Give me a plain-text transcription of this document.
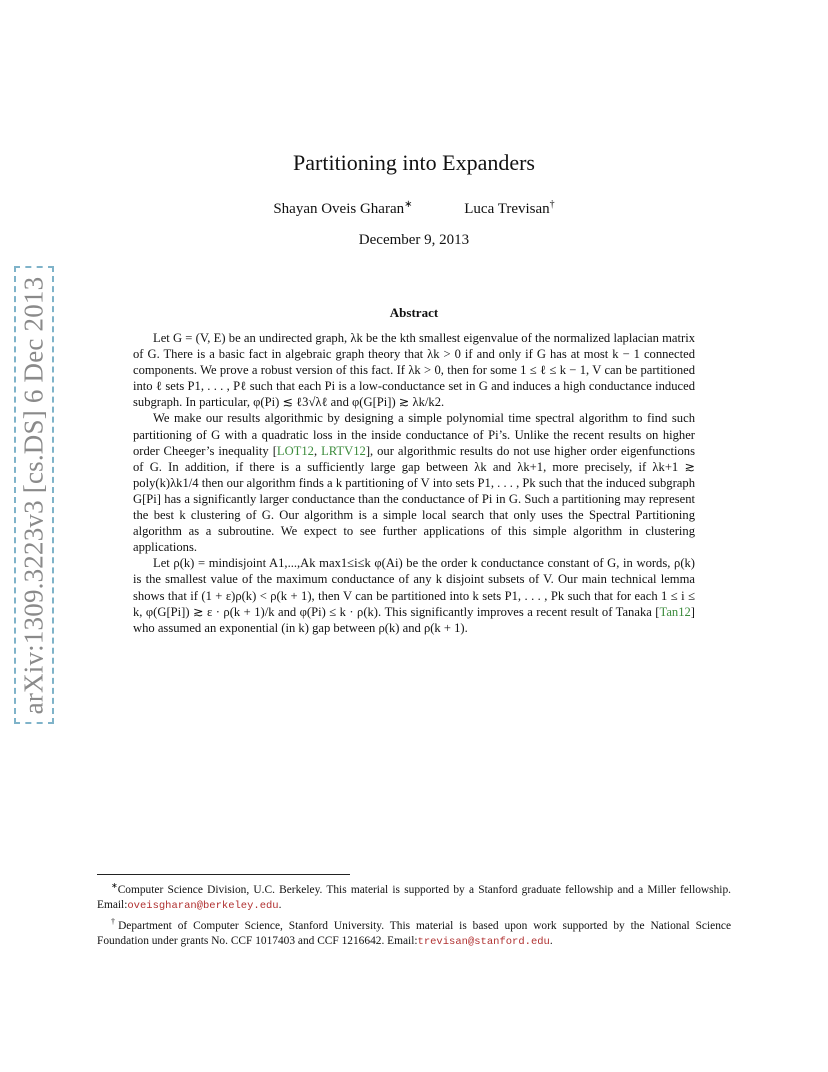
arXiv:1309.3223v3 [cs.DS] 6 Dec 2013
Partitioning into Expanders
Shayan Oveis Gharan∗	Luca Trevisan†
December 9, 2013
Abstract

Let G = (V, E) be an undirected graph, λk be the kth smallest eigenvalue of the normalized laplacian matrix of G. There is a basic fact in algebraic graph theory that λk > 0 if and only if G has at most k − 1 connected components. We prove a robust version of this fact. If λk > 0, then for some 1 ≤ ℓ ≤ k − 1, V can be partitioned into ℓ sets P1, . . . , Pℓ such that each Pi is a low-conductance set in G and induces a high conductance induced subgraph. In particular, φ(Pi) ≲ ℓ3√λℓ and φ(G[Pi]) ≳ λk/k2.

We make our results algorithmic by designing a simple polynomial time spectral algorithm to find such partitioning of G with a quadratic loss in the inside conductance of Pi’s. Unlike the recent results on higher order Cheeger’s inequality [LOT12, LRTV12], our algorithmic results do not use higher order eigenfunctions of G. In addition, if there is a sufficiently large gap between λk and λk+1, more precisely, if λk+1 ≳ poly(k)λk1/4 then our algorithm finds a k partitioning of V into sets P1, . . . , Pk such that the induced subgraph G[Pi] has a significantly larger conductance than the conductance of Pi in G. Such a partitioning may represent the best k clustering of G. Our algorithm is a simple local search that only uses the Spectral Partitioning algorithm as a subroutine. We expect to see further applications of this simple algorithm in clustering applications.

Let ρ(k) = mindisjoint A1,...,Ak max1≤i≤k φ(Ai) be the order k conductance constant of G, in words, ρ(k) is the smallest value of the maximum conductance of any k disjoint subsets of V. Our main technical lemma shows that if (1 + ε)ρ(k) < ρ(k + 1), then V can be partitioned into k sets P1, . . . , Pk such that for each 1 ≤ i ≤ k, φ(G[Pi]) ≳ ε · ρ(k + 1)/k and φ(Pi) ≤ k · ρ(k). This significantly improves a recent result of Tanaka [Tan12] who assumed an exponential (in k) gap between ρ(k) and ρ(k + 1).

∗Computer Science Division, U.C. Berkeley. This material is supported by a Stanford graduate fellowship and a Miller fellowship. Email:oveisgharan@berkeley.edu.

†Department of Computer Science, Stanford University. This material is based upon work supported by the National Science Foundation under grants No. CCF 1017403 and CCF 1216642. Email:trevisan@stanford.edu.
